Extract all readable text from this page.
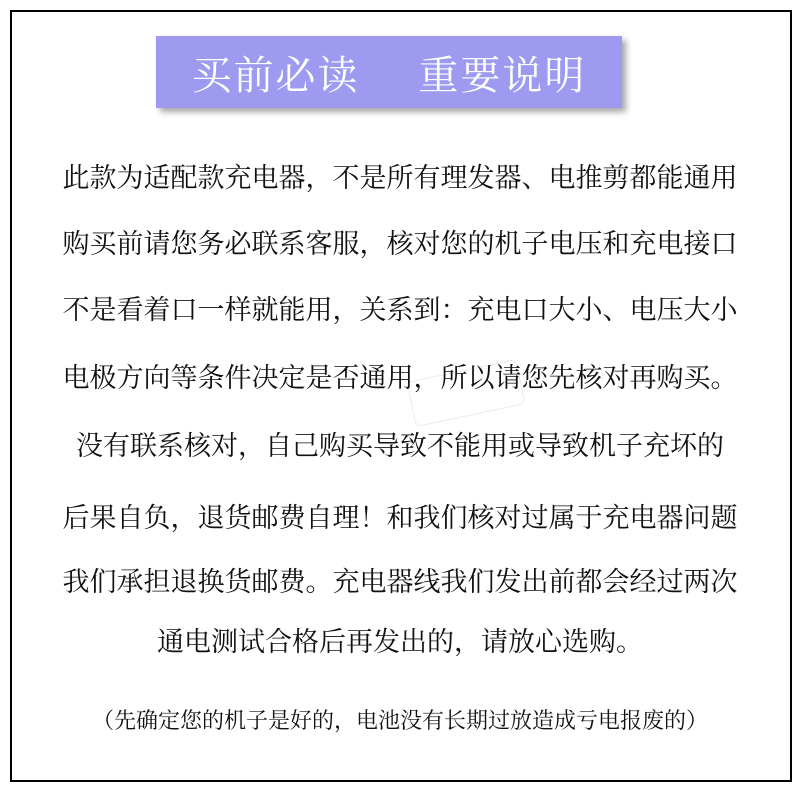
买前必读    重要说明
此款为适配款充电器，不是所有理发器、电推剪都能通用
购买前请您务必联系客服，核对您的机子电压和充电接口
不是看着口一样就能用，关系到：充电口大小、电压大小
电极方向等条件决定是否通用，所以请您先核对再购买。
没有联系核对，自己购买导致不能用或导致机子充坏的
后果自负，退货邮费自理！和我们核对过属于充电器问题
我们承担退换货邮费。充电器线我们发出前都会经过两次
通电测试合格后再发出的，请放心选购。
（先确定您的机子是好的，电池没有长期过放造成亏电报废的）
